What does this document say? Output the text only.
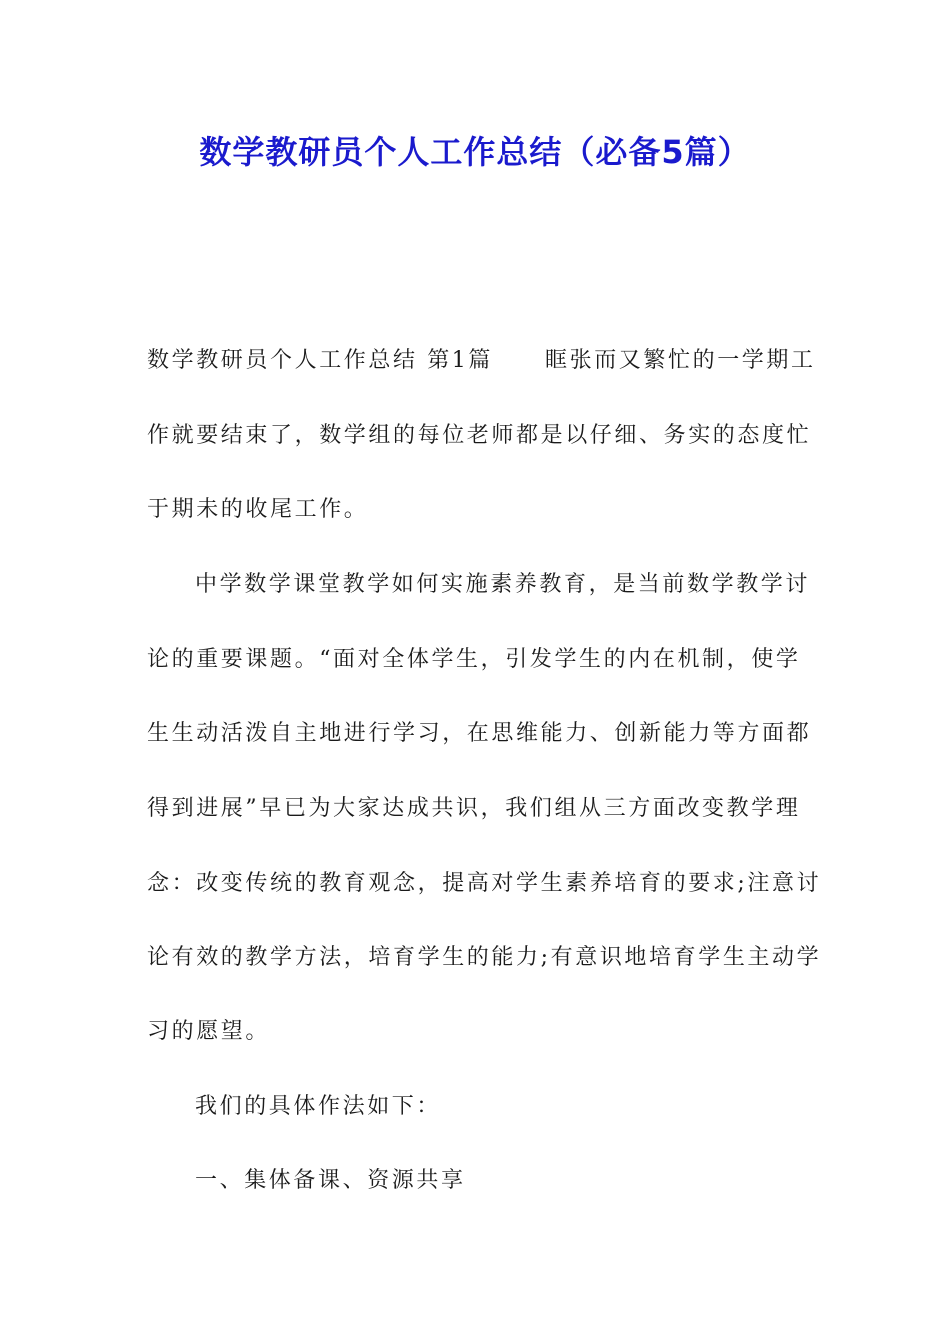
数学教研员个人工作总结（必备5篇）
数学教研员个人工作总结 第1篇 眶张而又繁忙的一学期工
作就要结束了，数学组的每位老师都是以仔细、务实的态度忙
于期未的收尾工作。
中学数学课堂教学如何实施素养教育，是当前数学教学讨
论的重要课题。“面对全体学生，引发学生的内在机制，使学
生生动活泼自主地进行学习，在思维能力、创新能力等方面都
得到进展”早已为大家达成共识，我们组从三方面改变教学理
念：改变传统的教育观念，提高对学生素养培育的要求;注意讨
论有效的教学方法，培育学生的能力;有意识地培育学生主动学
习的愿望。
我们的具体作法如下：
一、集体备课、资源共享
